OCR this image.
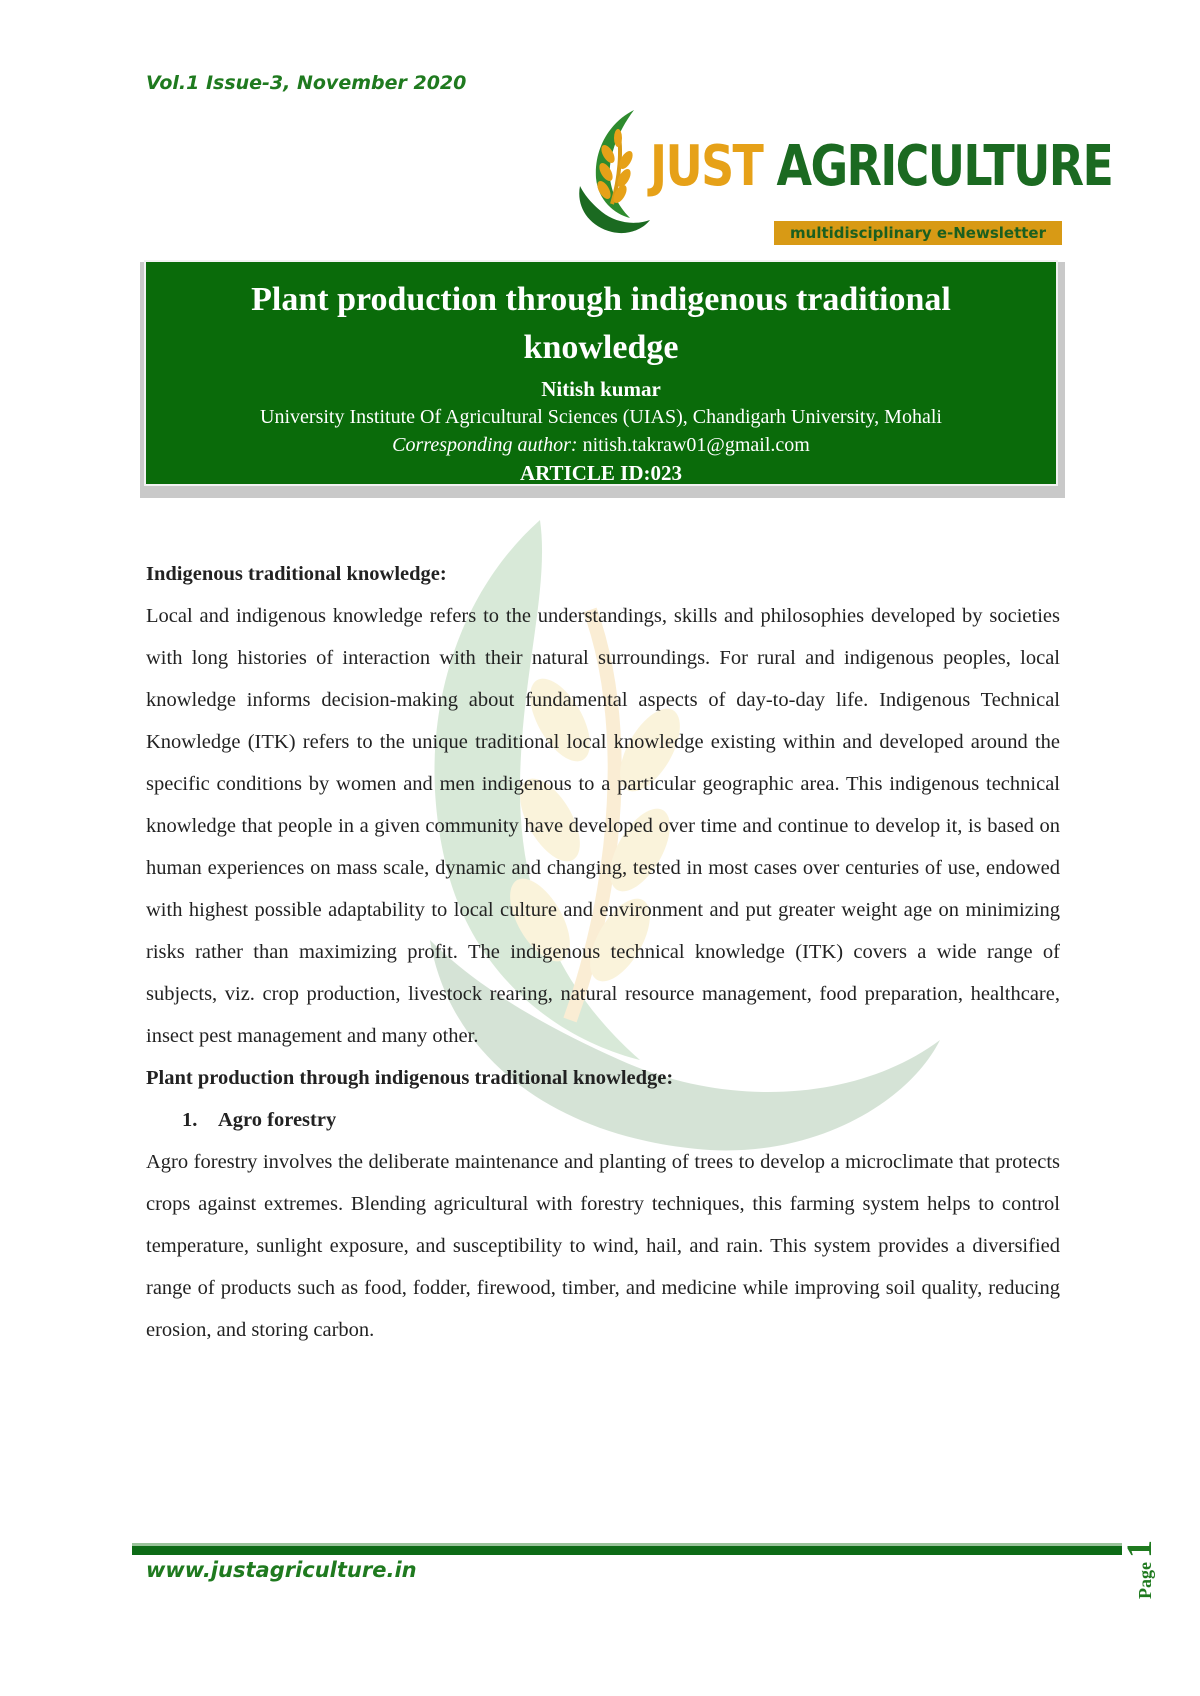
Vol.1 Issue-3, November 2020
JUST AGRICULTURE
multidisciplinary e-Newsletter
Plant production through indigenous traditional knowledge
Nitish kumar
University Institute Of Agricultural Sciences (UIAS), Chandigarh University, Mohali
Corresponding author: nitish.takraw01@gmail.com
ARTICLE ID:023
Indigenous traditional knowledge:

Local and indigenous knowledge refers to the understandings, skills and philosophies developed by societies with long histories of interaction with their natural surroundings. For rural and indigenous peoples, local knowledge informs decision-making about fundamental aspects of day-to-day life. Indigenous Technical Knowledge (ITK) refers to the unique traditional local knowledge existing within and developed around the specific conditions by women and men indigenous to a particular geographic area. This indigenous technical knowledge that people in a given community have developed over time and continue to develop it, is based on human experiences on mass scale, dynamic and changing, tested in most cases over centuries of use, endowed with highest possible adaptability to local culture and environment and put greater weight age on minimizing risks rather than maximizing profit. The indigenous technical knowledge (ITK) covers a wide range of subjects, viz. crop production, livestock rearing, natural resource management, food preparation, healthcare, insect pest management and many other.

Plant production through indigenous traditional knowledge:
1. Agro forestry

Agro forestry involves the deliberate maintenance and planting of trees to develop a microclimate that protects crops against extremes. Blending agricultural with forestry techniques, this farming system helps to control temperature, sunlight exposure, and susceptibility to wind, hail, and rain. This system provides a diversified range of products such as food, fodder, firewood, timber, and medicine while improving soil quality, reducing erosion, and storing carbon.

www.justagriculture.in	Page1
